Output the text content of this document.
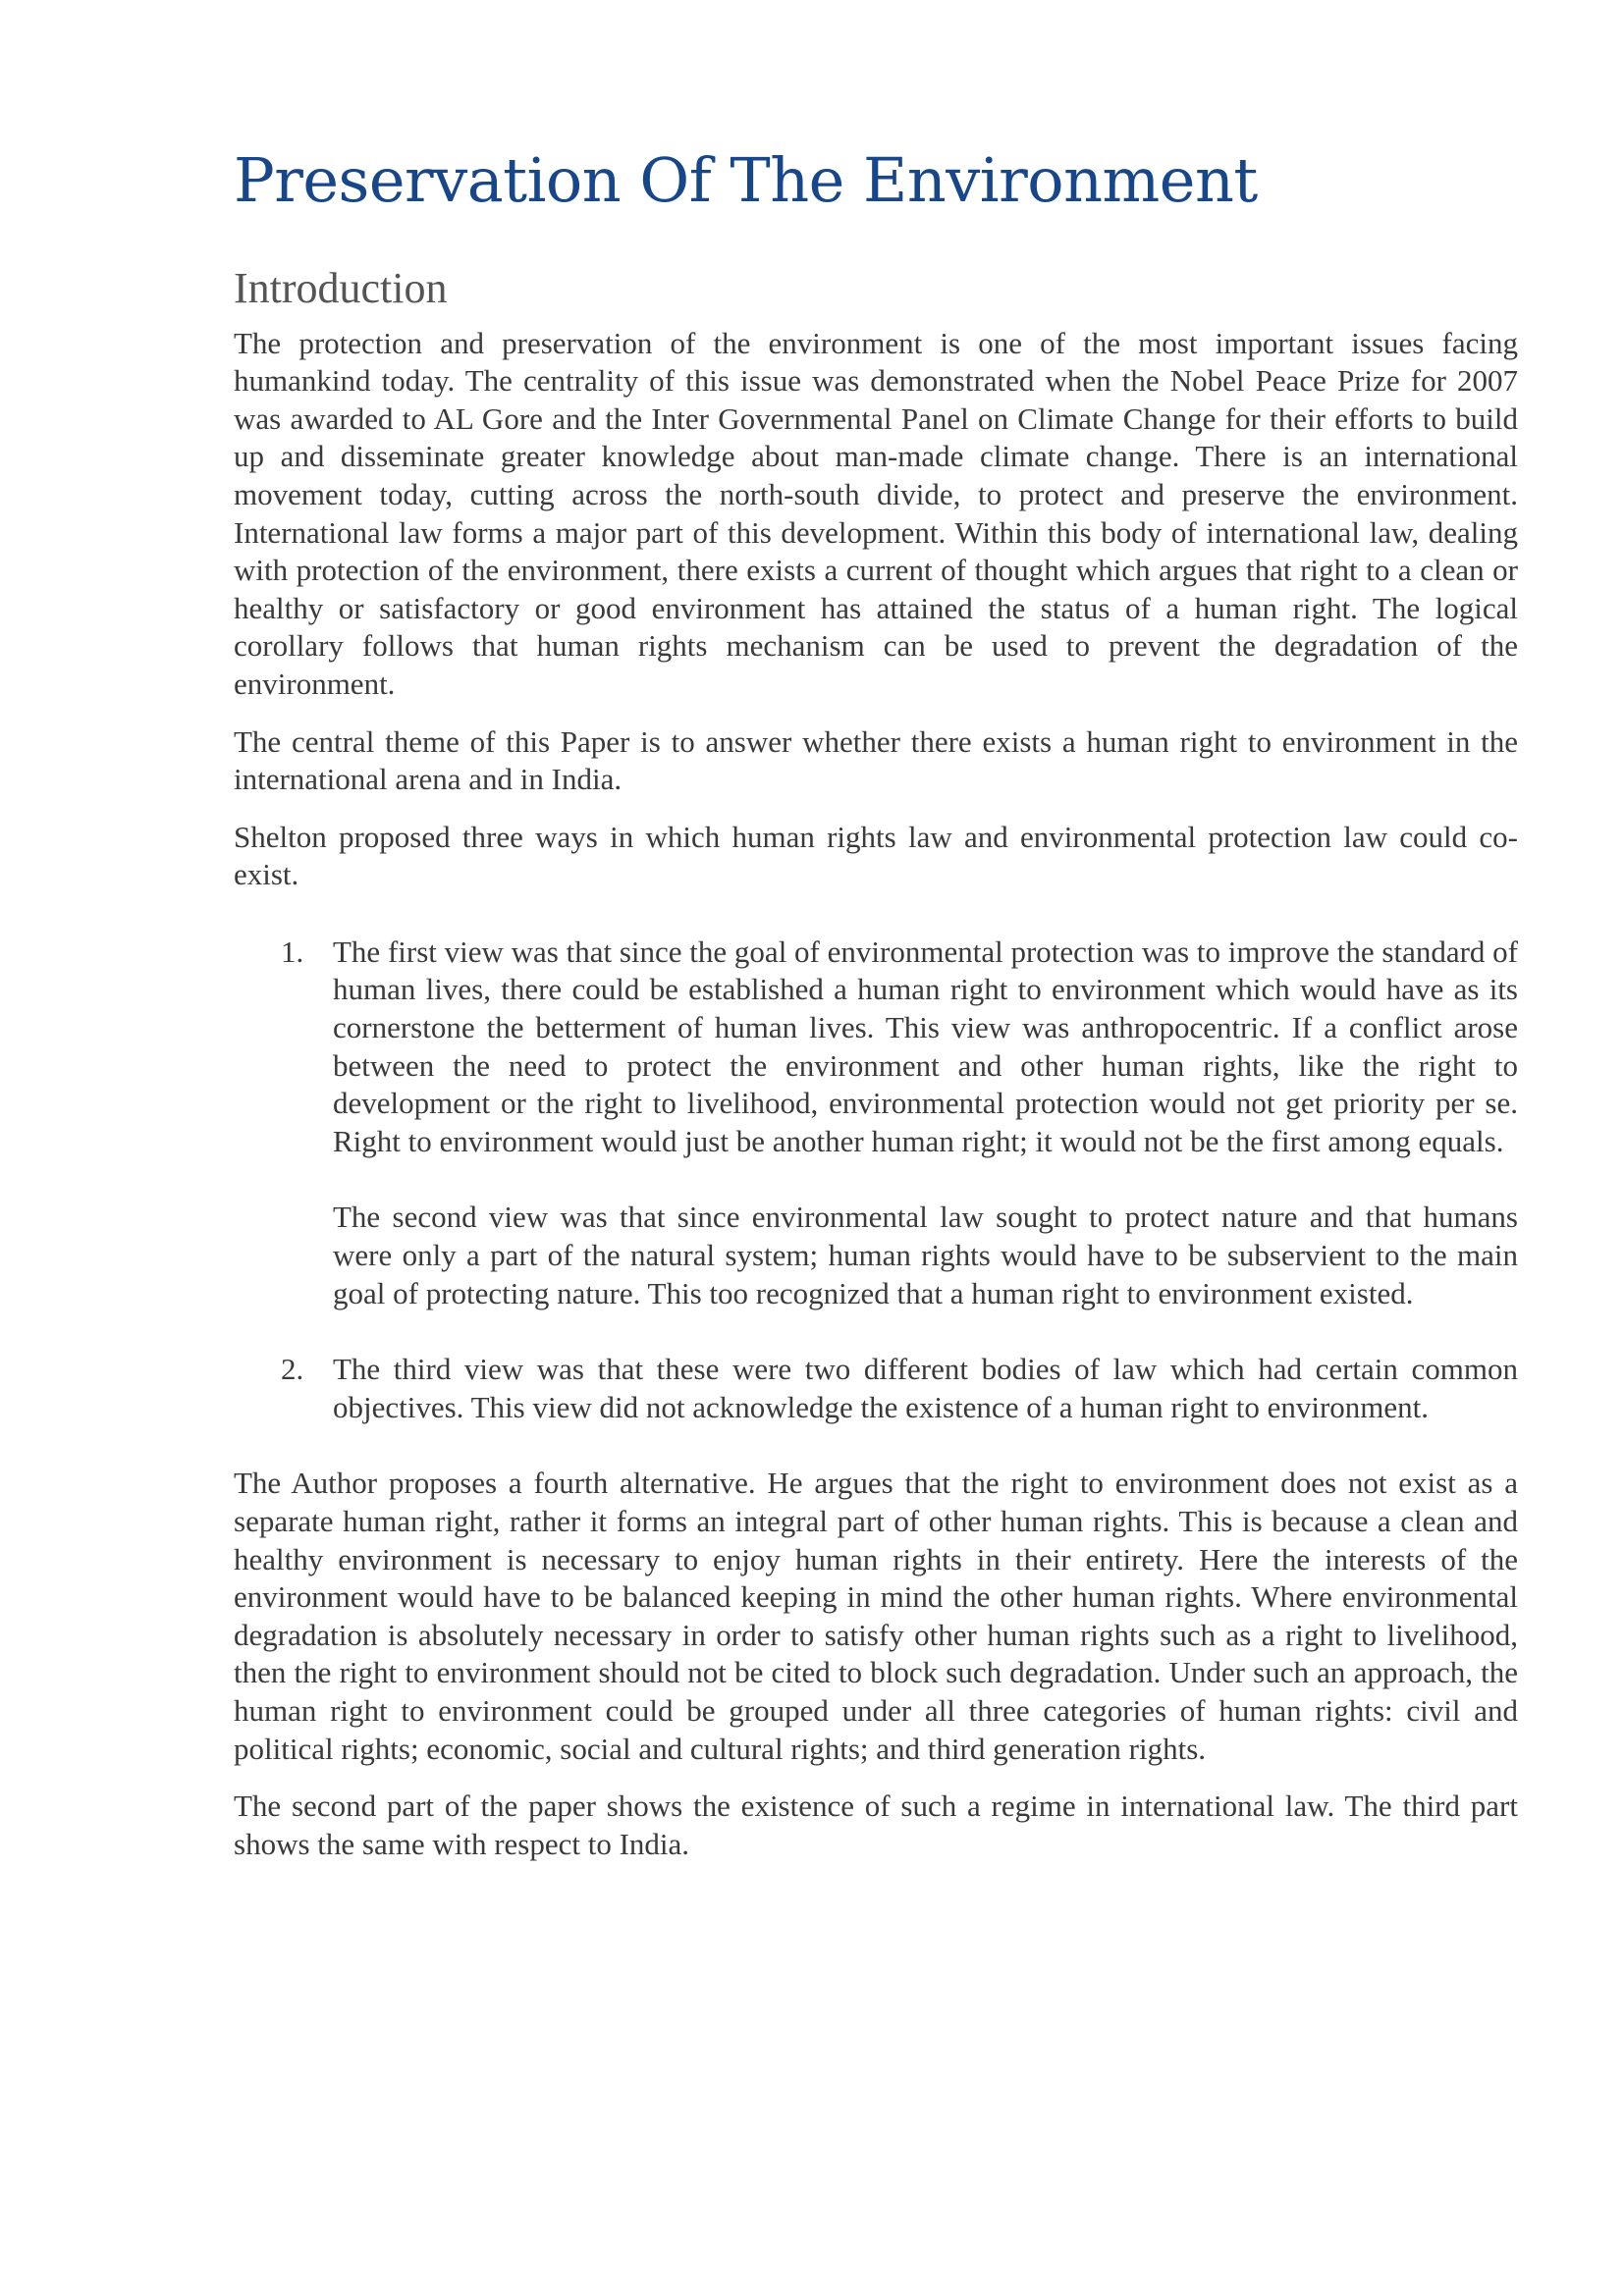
Preservation Of The Environment
Introduction

The protection and preservation of the environment is one of the most important issues facing humankind today. The centrality of this issue was demonstrated when the Nobel Peace Prize for 2007 was awarded to AL Gore and the Inter Governmental Panel on Climate Change for their efforts to build up and disseminate greater knowledge about man-made climate change. There is an international movement today, cutting across the north-south divide, to protect and preserve the environment. International law forms a major part of this development. Within this body of international law, dealing with protection of the environment, there exists a current of thought which argues that right to a clean or healthy or satisfactory or good environment has attained the status of a human right. The logical corollary follows that human rights mechanism can be used to prevent the degradation of the environment.

The central theme of this Paper is to answer whether there exists a human right to environment in the international arena and in India.

Shelton proposed three ways in which human rights law and environmental protection law could co-exist.

1. The first view was that since the goal of environmental protection was to improve the standard of human lives, there could be established a human right to environment which would have as its cornerstone the betterment of human lives. This view was anthropocentric. If a conflict arose between the need to protect the environment and other human rights, like the right to development or the right to livelihood, environmental protection would not get priority per se. Right to environment would just be another human right; it would not be the first among equals.
The second view was that since environmental law sought to protect nature and that humans were only a part of the natural system; human rights would have to be subservient to the main goal of protecting nature. This too recognized that a human right to environment existed.
2. The third view was that these were two different bodies of law which had certain common objectives. This view did not acknowledge the existence of a human right to environment.

The Author proposes a fourth alternative. He argues that the right to environment does not exist as a separate human right, rather it forms an integral part of other human rights. This is because a clean and healthy environment is necessary to enjoy human rights in their entirety. Here the interests of the environment would have to be balanced keeping in mind the other human rights. Where environmental degradation is absolutely necessary in order to satisfy other human rights such as a right to livelihood, then the right to environment should not be cited to block such degradation. Under such an approach, the human right to environment could be grouped under all three categories of human rights: civil and political rights; economic, social and cultural rights; and third generation rights.

The second part of the paper shows the existence of such a regime in international law. The third part shows the same with respect to India.
